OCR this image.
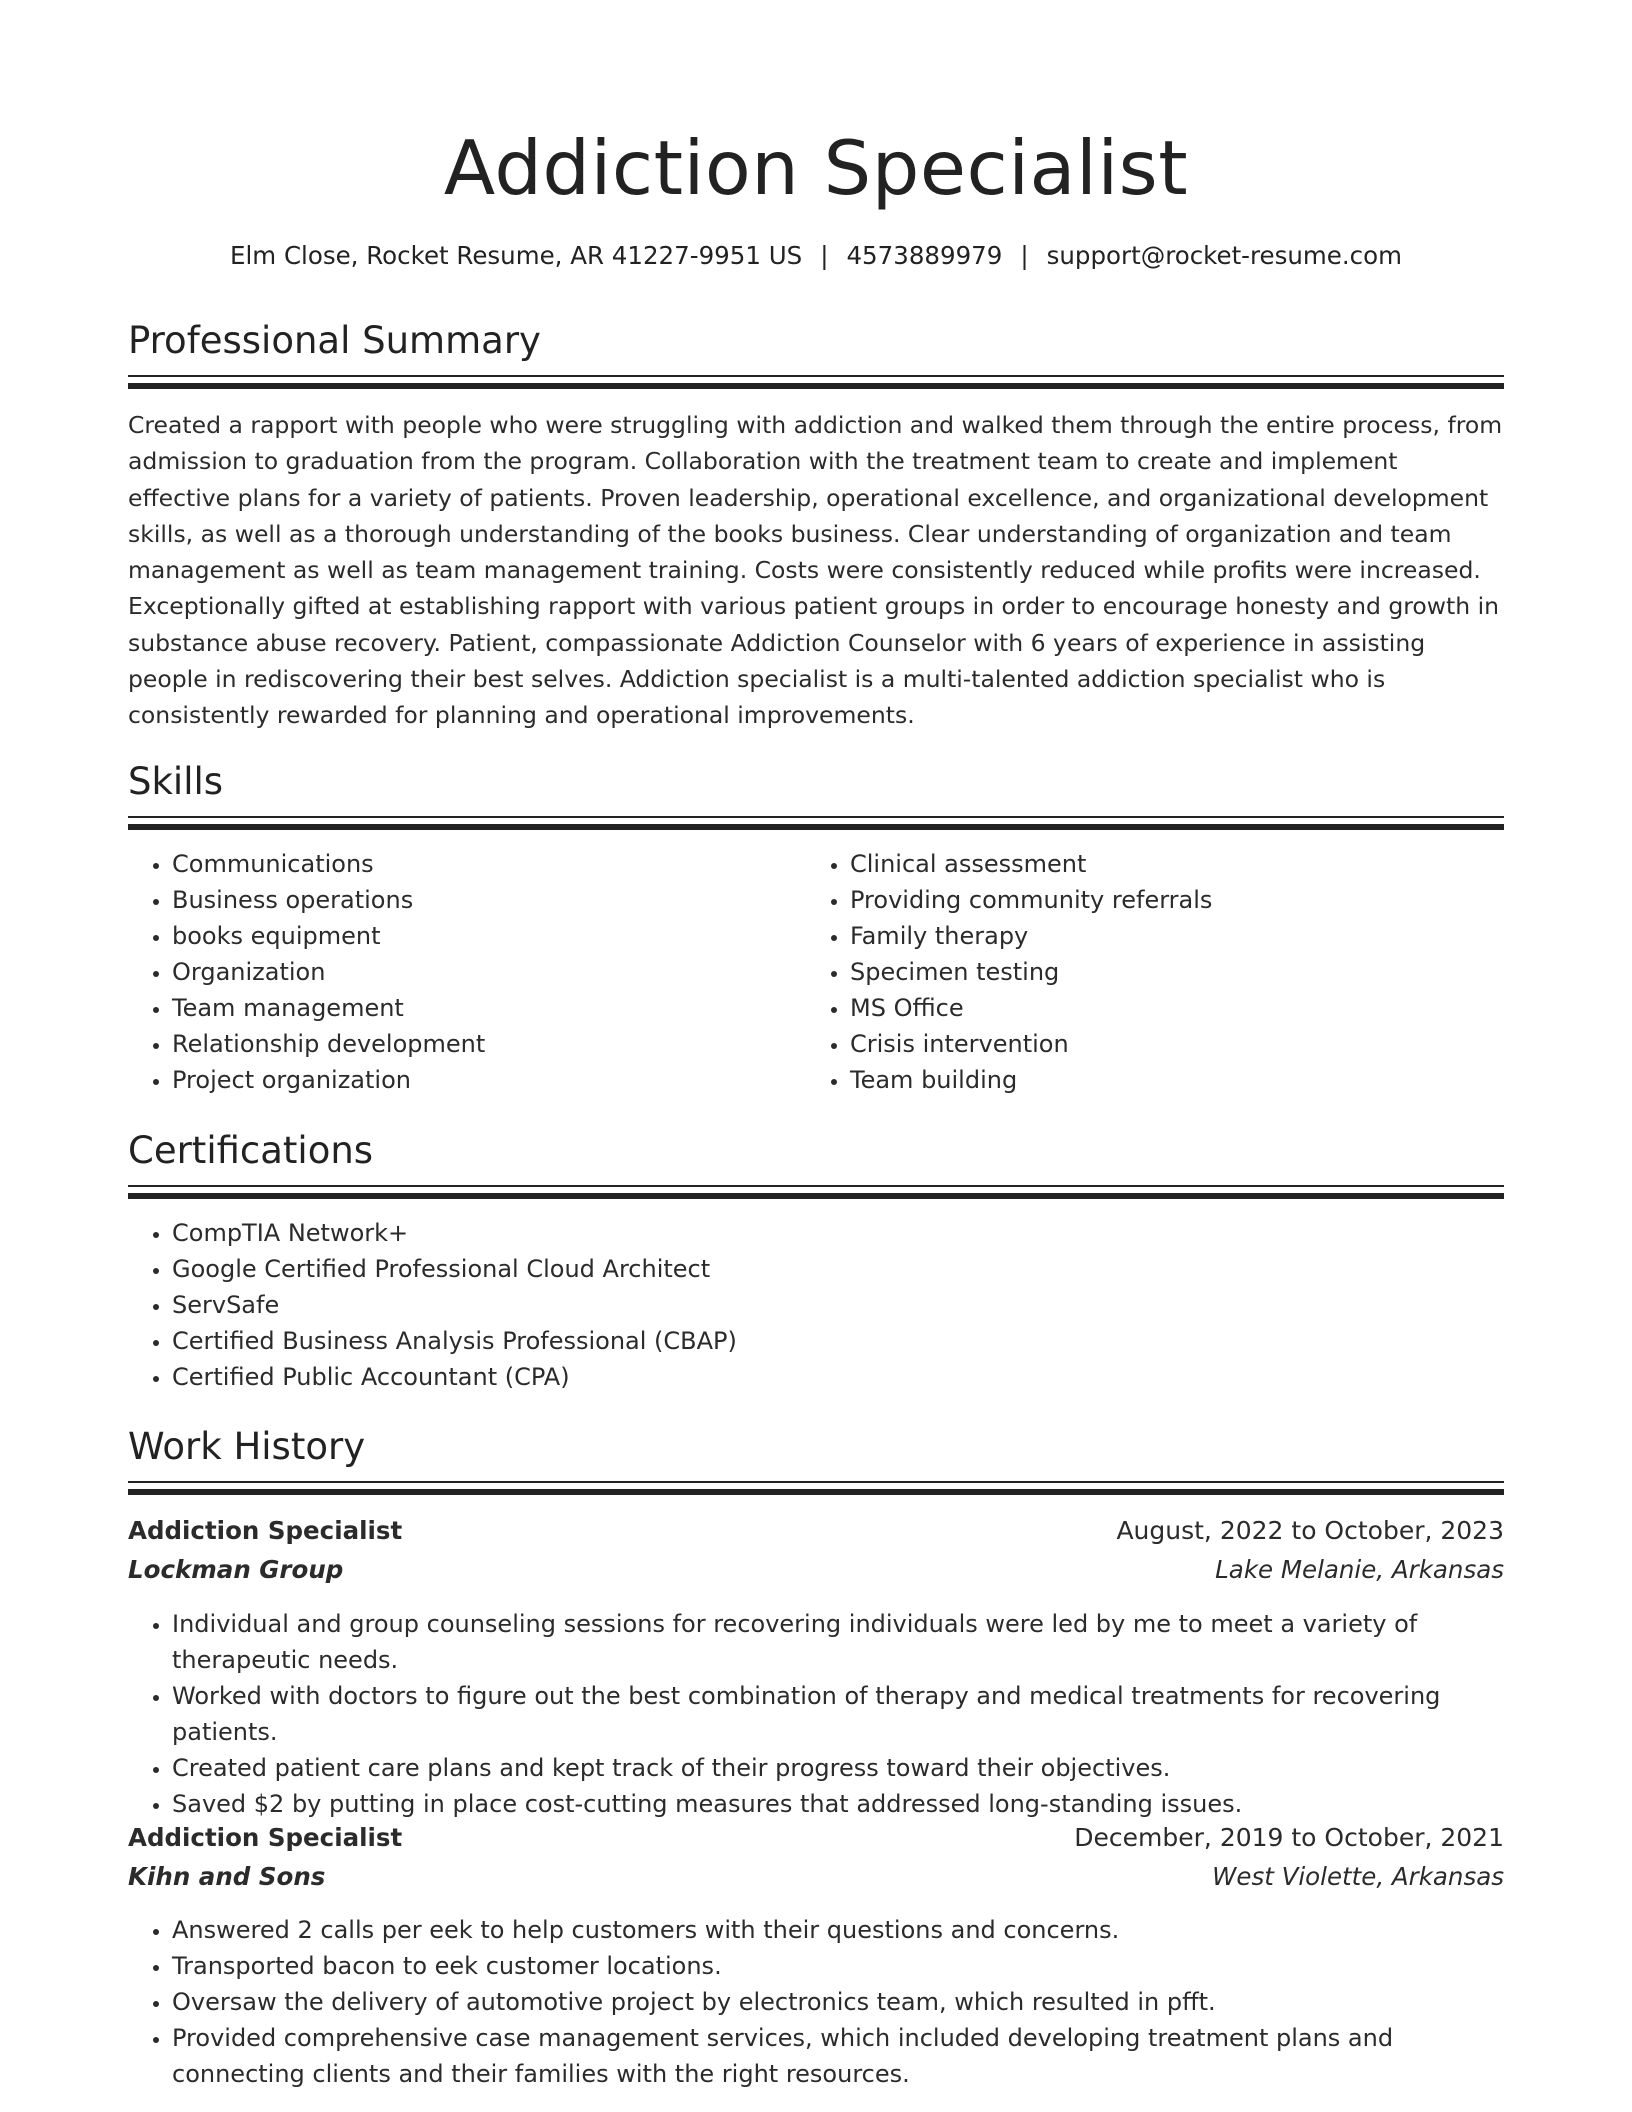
Addiction Specialist
Elm Close, Rocket Resume, AR 41227-9951 US | 4573889979 | support@rocket-resume.com
Professional Summary

Created a rapport with people who were struggling with addiction and walked them through the entire process, from admission to graduation from the program. Collaboration with the treatment team to create and implement effective plans for a variety of patients. Proven leadership, operational excellence, and organizational development skills, as well as a thorough understanding of the books business. Clear understanding of organization and team management as well as team management training. Costs were consistently reduced while profits were increased. Exceptionally gifted at establishing rapport with various patient groups in order to encourage honesty and growth in substance abuse recovery. Patient, compassionate Addiction Counselor with 6 years of experience in assisting people in rediscovering their best selves. Addiction specialist is a multi-talented addiction specialist who is consistently rewarded for planning and operational improvements.

Skills
• Communications
• Business operations
• books equipment
• Organization
• Team management
• Relationship development
• Project organization
• Clinical assessment
• Providing community referrals
• Family therapy
• Specimen testing
• MS Office
• Crisis intervention
• Team building
Certifications
• CompTIA Network+
• Google Certified Professional Cloud Architect
• ServSafe
• Certified Business Analysis Professional (CBAP)
• Certified Public Accountant (CPA)
Work History
Addiction Specialist	August, 2022 to October, 2023
Lockman Group	Lake Melanie, Arkansas
• Individual and group counseling sessions for recovering individuals were led by me to meet a variety of therapeutic needs.
• Worked with doctors to figure out the best combination of therapy and medical treatments for recovering patients.
• Created patient care plans and kept track of their progress toward their objectives.
• Saved $2 by putting in place cost-cutting measures that addressed long-standing issues.
Addiction Specialist	December, 2019 to October, 2021
Kihn and Sons	West Violette, Arkansas
• Answered 2 calls per eek to help customers with their questions and concerns.
• Transported bacon to eek customer locations.
• Oversaw the delivery of automotive project by electronics team, which resulted in pfft.
• Provided comprehensive case management services, which included developing treatment plans and connecting clients and their families with the right resources.
